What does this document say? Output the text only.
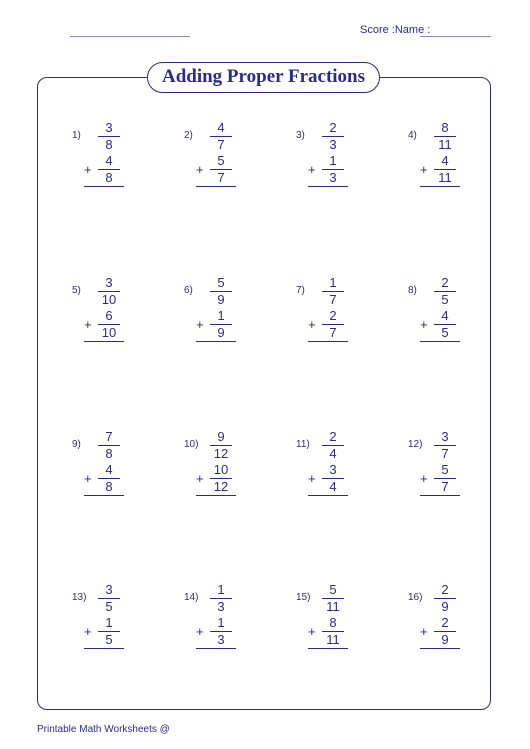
Score :Name :
Adding Proper Fractions
1)
3
8
+
4
8
2)
4
7
+
5
7
3)
2
3
+
1
3
4)
8
11
+
4
11
5)
3
10
+
6
10
6)
5
9
+
1
9
7)
1
7
+
2
7
8)
2
5
+
4
5
9)
7
8
+
4
8
10)
9
12
+
10
12
11)
2
4
+
3
4
12)
3
7
+
5
7
13)
3
5
+
1
5
14)
1
3
+
1
3
15)
5
11
+
8
11
16)
2
9
+
2
9
Printable Math Worksheets @
